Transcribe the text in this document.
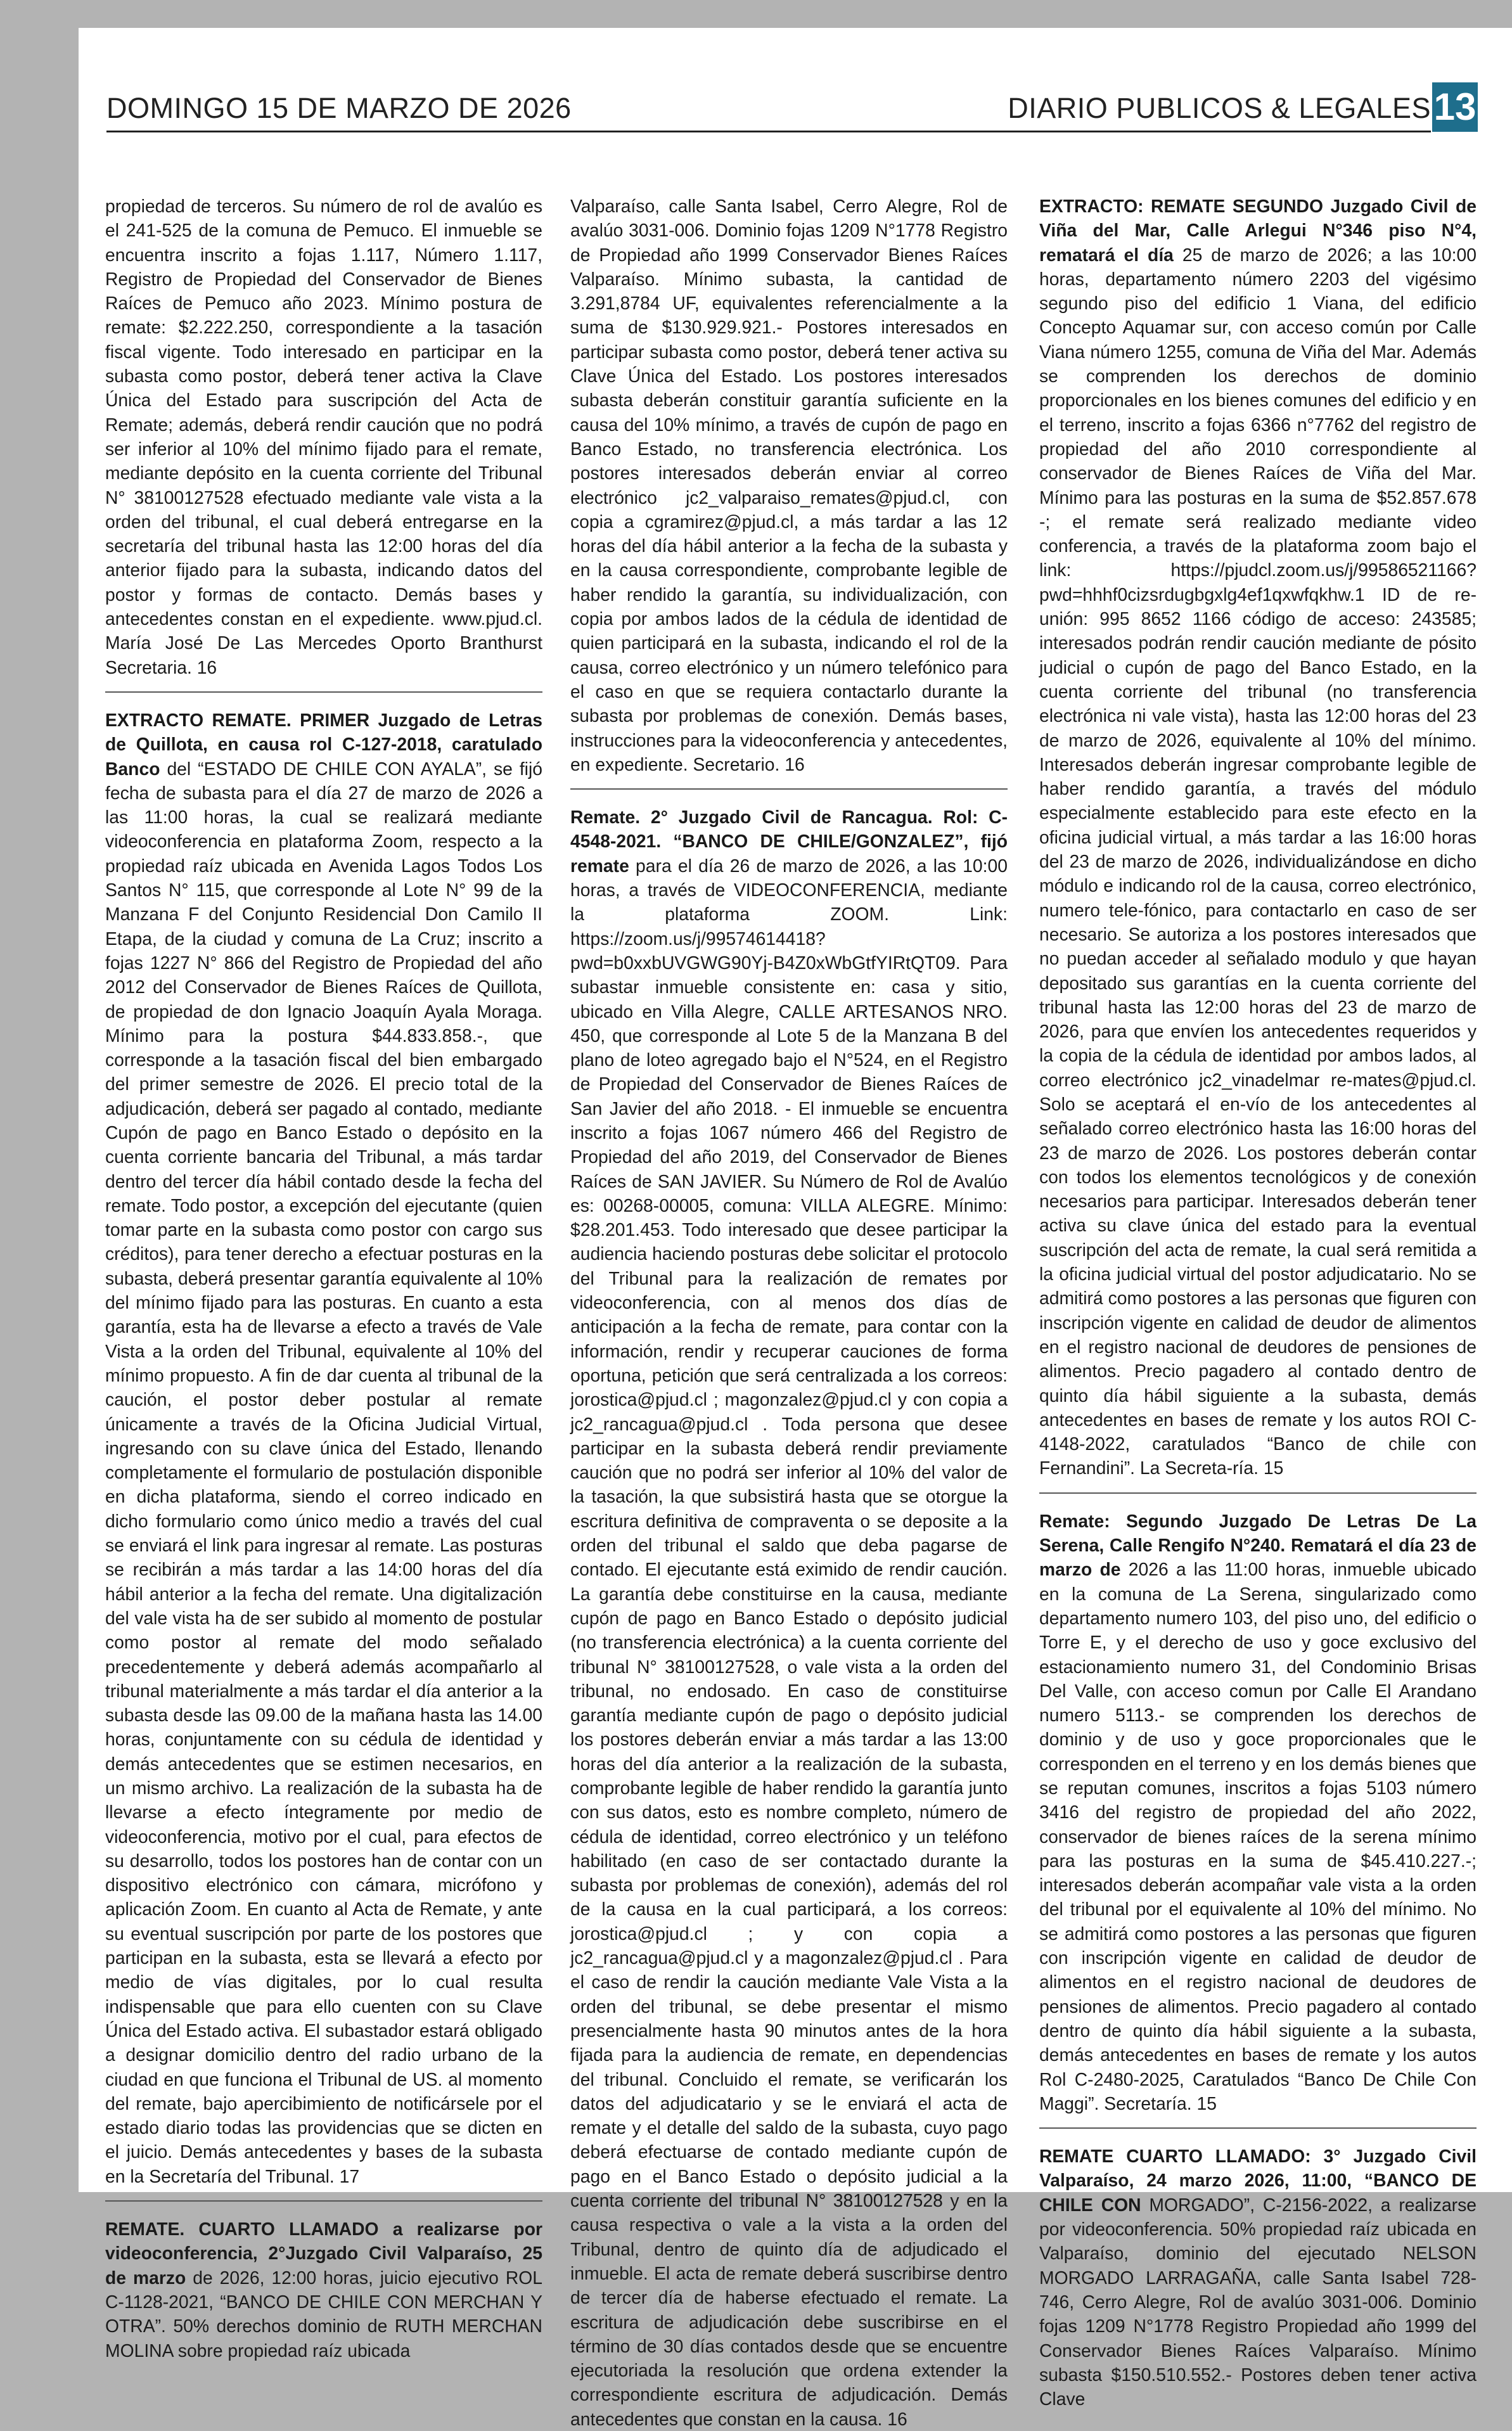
DOMINGO 15 DE MARZO DE 2026	DIARIO PUBLICOS & LEGALES 13

propiedad de terceros. Su número de rol de avalúo es el 241-525 de la comuna de Pemuco. El inmueble se encuentra inscrito a fojas 1.117, Número 1.117, Registro de Propiedad del Conservador de Bienes Raíces de Pemuco año 2023. Mínimo postura de remate: $2.222.250, correspondiente a la tasación fiscal vigente. Todo interesado en participar en la subasta como postor, deberá tener activa la Clave Única del Estado para suscripción del Acta de Remate; además, deberá rendir caución que no podrá ser inferior al 10% del mínimo fijado para el remate, mediante depósito en la cuenta corriente del Tribunal N° 38100127528 efectuado mediante vale vista a la orden del tribunal, el cual deberá entregarse en la secretaría del tribunal hasta las 12:00 horas del día anterior fijado para la subasta, indicando datos del postor y formas de contacto. Demás bases y antecedentes constan en el expediente. www.pjud.cl. María José De Las Mercedes Oporto Branthurst Secretaria. 16

EXTRACTO REMATE. PRIMER Juzgado de Letras de Quillota, en causa rol C-127-2018, caratulado Banco del “ESTADO DE CHILE CON AYALA”, se fijó fecha de subasta para el día 27 de marzo de 2026 a las 11:00 horas, la cual se realizará mediante videoconferencia en plataforma Zoom, respecto a la propiedad raíz ubicada en Avenida Lagos Todos Los Santos N° 115, que corresponde al Lote N° 99 de la Manzana F del Conjunto Residencial Don Camilo II Etapa, de la ciudad y comuna de La Cruz; inscrito a fojas 1227 N° 866 del Registro de Propiedad del año 2012 del Conservador de Bienes Raíces de Quillota, de propiedad de don Ignacio Joaquín Ayala Moraga. Mínimo para la postura $44.833.858.-, que corresponde a la tasación fiscal del bien embargado del primer semestre de 2026. El precio total de la adjudicación, deberá ser pagado al contado, mediante Cupón de pago en Banco Estado o depósito en la cuenta corriente bancaria del Tribunal, a más tardar dentro del tercer día hábil contado desde la fecha del remate. Todo postor, a excepción del ejecutante (quien tomar parte en la subasta como postor con cargo sus créditos), para tener derecho a efectuar posturas en la subasta, deberá presentar garantía equivalente al 10% del mínimo fijado para las posturas. En cuanto a esta garantía, esta ha de llevarse a efecto a través de Vale Vista a la orden del Tribunal, equivalente al 10% del mínimo propuesto. A fin de dar cuenta al tribunal de la caución, el postor deber postular al remate únicamente a través de la Oficina Judicial Virtual, ingresando con su clave única del Estado, llenando completamente el formulario de postulación disponible en dicha plataforma, siendo el correo indicado en dicho formulario como único medio a través del cual se enviará el link para ingresar al remate. Las posturas se recibirán a más tardar a las 14:00 horas del día hábil anterior a la fecha del remate. Una digitalización del vale vista ha de ser subido al momento de postular como postor al remate del modo señalado precedentemente y deberá además acompañarlo al tribunal materialmente a más tardar el día anterior a la subasta desde las 09.00 de la mañana hasta las 14.00 horas, conjuntamente con su cédula de identidad y demás antecedentes que se estimen necesarios, en un mismo archivo. La realización de la subasta ha de llevarse a efecto íntegramente por medio de videoconferencia, motivo por el cual, para efectos de su desarrollo, todos los postores han de contar con un dispositivo electrónico con cámara, micrófono y aplicación Zoom. En cuanto al Acta de Remate, y ante su eventual suscripción por parte de los postores que participan en la subasta, esta se llevará a efecto por medio de vías digitales, por lo cual resulta indispensable que para ello cuenten con su Clave Única del Estado activa. El subastador estará obligado a designar domicilio dentro del radio urbano de la ciudad en que funciona el Tribunal de US. al momento del remate, bajo apercibimiento de notificársele por el estado diario todas las providencias que se dicten en el juicio. Demás antecedentes y bases de la subasta en la Secretaría del Tribunal. 17

REMATE. CUARTO LLAMADO a realizarse por videoconferencia, 2°Juzgado Civil Valparaíso, 25 de marzo de 2026, 12:00 horas, juicio ejecutivo ROL C-1128-2021, “BANCO DE CHILE CON MERCHAN Y OTRA”. 50% derechos dominio de RUTH MERCHAN MOLINA sobre propiedad raíz ubicada

Valparaíso, calle Santa Isabel, Cerro Alegre, Rol de avalúo 3031-006. Dominio fojas 1209 N°1778 Registro de Propiedad año 1999 Conservador Bienes Raíces Valparaíso. Mínimo subasta, la cantidad de 3.291,8784 UF, equivalentes referencialmente a la suma de $130.929.921.- Postores interesados en participar subasta como postor, deberá tener activa su Clave Única del Estado. Los postores interesados subasta deberán constituir garantía suficiente en la causa del 10% mínimo, a través de cupón de pago en Banco Estado, no transferencia electrónica. Los postores interesados deberán enviar al correo electrónico jc2_valparaiso_remates@pjud.cl, con copia a cgramirez@pjud.cl, a más tardar a las 12 horas del día hábil anterior a la fecha de la subasta y en la causa correspondiente, comprobante legible de haber rendido la garantía, su individualización, con copia por ambos lados de la cédula de identidad de quien participará en la subasta, indicando el rol de la causa, correo electrónico y un número telefónico para el caso en que se requiera contactarlo durante la subasta por problemas de conexión. Demás bases, instrucciones para la videoconferencia y antecedentes, en expediente. Secretario. 16

Remate. 2° Juzgado Civil de Rancagua. Rol: C-4548-2021. “BANCO DE CHILE/GONZALEZ”, fijó remate para el día 26 de marzo de 2026, a las 10:00 horas, a través de VIDEOCONFERENCIA, mediante la plataforma ZOOM. Link: https://zoom.us/j/99574614418? pwd=b0xxbUVGWG90Yj-B4Z0xWbGtfYIRtQT09. Para subastar inmueble consistente en: casa y sitio, ubicado en Villa Alegre, CALLE ARTESANOS NRO. 450, que corresponde al Lote 5 de la Manzana B del plano de loteo agregado bajo el N°524, en el Registro de Propiedad del Conservador de Bienes Raíces de San Javier del año 2018. - El inmueble se encuentra inscrito a fojas 1067 número 466 del Registro de Propiedad del año 2019, del Conservador de Bienes Raíces de SAN JAVIER. Su Número de Rol de Avalúo es: 00268-00005, comuna: VILLA ALEGRE. Mínimo: $28.201.453. Todo interesado que desee participar la audiencia haciendo posturas debe solicitar el protocolo del Tribunal para la realización de remates por videoconferencia, con al menos dos días de anticipación a la fecha de remate, para contar con la información, rendir y recuperar cauciones de forma oportuna, petición que será centralizada a los correos: jorostica@pjud.cl ; magonzalez@pjud.cl y con copia a jc2_rancagua@pjud.cl . Toda persona que desee participar en la subasta deberá rendir previamente caución que no podrá ser inferior al 10% del valor de la tasación, la que subsistirá hasta que se otorgue la escritura definitiva de compraventa o se deposite a la orden del tribunal el saldo que deba pagarse de contado. El ejecutante está eximido de rendir caución. La garantía debe constituirse en la causa, mediante cupón de pago en Banco Estado o depósito judicial (no transferencia electrónica) a la cuenta corriente del tribunal N° 38100127528, o vale vista a la orden del tribunal, no endosado. En caso de constituirse garantía mediante cupón de pago o depósito judicial los postores deberán enviar a más tardar a las 13:00 horas del día anterior a la realización de la subasta, comprobante legible de haber rendido la garantía junto con sus datos, esto es nombre completo, número de cédula de identidad, correo electrónico y un teléfono habilitado (en caso de ser contactado durante la subasta por problemas de conexión), además del rol de la causa en la cual participará, a los correos: jorostica@pjud.cl ; y con copia a jc2_rancagua@pjud.cl y a magonzalez@pjud.cl . Para el caso de rendir la caución mediante Vale Vista a la orden del tribunal, se debe presentar el mismo presencialmente hasta 90 minutos antes de la hora fijada para la audiencia de remate, en dependencias del tribunal. Concluido el remate, se verificarán los datos del adjudicatario y se le enviará el acta de remate y el detalle del saldo de la subasta, cuyo pago deberá efectuarse de contado mediante cupón de pago en el Banco Estado o depósito judicial a la cuenta corriente del tribunal N° 38100127528 y en la causa respectiva o vale a la vista a la orden del Tribunal, dentro de quinto día de adjudicado el inmueble. El acta de remate deberá suscribirse dentro de tercer día de haberse efectuado el remate. La escritura de adjudicación debe suscribirse en el término de 30 días contados desde que se encuentre ejecutoriada la resolución que ordena extender la correspondiente escritura de adjudicación. Demás antecedentes que constan en la causa. 16

EXTRACTO: REMATE SEGUNDO Juzgado Civil de Viña del Mar, Calle Arlegui N°346 piso N°4, rematará el día 25 de marzo de 2026; a las 10:00 horas, departamento número 2203 del vigésimo segundo piso del edificio 1 Viana, del edificio Concepto Aquamar sur, con acceso común por Calle Viana número 1255, comuna de Viña del Mar. Además se comprenden los derechos de dominio proporcionales en los bienes comunes del edificio y en el terreno, inscrito a fojas 6366 n°7762 del registro de propiedad del año 2010 correspondiente al conservador de Bienes Raíces de Viña del Mar. Mínimo para las posturas en la suma de $52.857.678 -; el remate será realizado mediante video conferencia, a través de la plataforma zoom bajo el link: https://pjudcl.zoom.us/j/99586521166?pwd=hhhf0cizsrdugbgxlg4ef1qxwfqkhw.1 ID de re-unión: 995 8652 1166 código de acceso: 243585; interesados podrán rendir caución mediante de pósito judicial o cupón de pago del Banco Estado, en la cuenta corriente del tribunal (no transferencia electrónica ni vale vista), hasta las 12:00 horas del 23 de marzo de 2026, equivalente al 10% del mínimo. Interesados deberán ingresar comprobante legible de haber rendido garantía, a través del módulo especialmente establecido para este efecto en la oficina judicial virtual, a más tardar a las 16:00 horas del 23 de marzo de 2026, individualizándose en dicho módulo e indicando rol de la causa, correo electrónico, numero tele-fónico, para contactarlo en caso de ser necesario. Se autoriza a los postores interesados que no puedan acceder al señalado modulo y que hayan depositado sus garantías en la cuenta corriente del tribunal hasta las 12:00 horas del 23 de marzo de 2026, para que envíen los antecedentes requeridos y la copia de la cédula de identidad por ambos lados, al correo electrónico jc2_vinadelmar re-mates@pjud.cl. Solo se aceptará el en-vío de los antecedentes al señalado correo electrónico hasta las 16:00 horas del 23 de marzo de 2026. Los postores deberán contar con todos los elementos tecnológicos y de conexión necesarios para participar. Interesados deberán tener activa su clave única del estado para la eventual suscripción del acta de remate, la cual será remitida a la oficina judicial virtual del postor adjudicatario. No se admitirá como postores a las personas que figuren con inscripción vigente en calidad de deudor de alimentos en el registro nacional de deudores de pensiones de alimentos. Precio pagadero al contado dentro de quinto día hábil siguiente a la subasta, demás antecedentes en bases de remate y los autos ROI C-4148-2022, caratulados “Banco de chile con Fernandini”. La Secreta-ría. 15

Remate: Segundo Juzgado De Letras De La Serena, Calle Rengifo N°240. Rematará el día 23 de marzo de 2026 a las 11:00 horas, inmueble ubicado en la comuna de La Serena, singularizado como departamento numero 103, del piso uno, del edificio o Torre E, y el derecho de uso y goce exclusivo del estacionamiento numero 31, del Condominio Brisas Del Valle, con acceso comun por Calle El Arandano numero 5113.- se comprenden los derechos de dominio y de uso y goce proporcionales que le corresponden en el terreno y en los demás bienes que se reputan comunes, inscritos a fojas 5103 número 3416 del registro de propiedad del año 2022, conservador de bienes raíces de la serena mínimo para las posturas en la suma de $45.410.227.-; interesados deberán acompañar vale vista a la orden del tribunal por el equivalente al 10% del mínimo. No se admitirá como postores a las personas que figuren con inscripción vigente en calidad de deudor de alimentos en el registro nacional de deudores de pensiones de alimentos. Precio pagadero al contado dentro de quinto día hábil siguiente a la subasta, demás antecedentes en bases de remate y los autos Rol C-2480-2025, Caratulados “Banco De Chile Con Maggi”. Secretaría. 15

REMATE CUARTO LLAMADO: 3° Juzgado Civil Valparaíso, 24 marzo 2026, 11:00, “BANCO DE CHILE CON MORGADO”, C-2156-2022, a realizarse por videoconferencia. 50% propiedad raíz ubicada en Valparaíso, dominio del ejecutado NELSON MORGADO LARRAGAÑA, calle Santa Isabel 728-746, Cerro Alegre, Rol de avalúo 3031-006. Dominio fojas 1209 N°1778 Registro Propiedad año 1999 del Conservador Bienes Raíces Valparaíso. Mínimo subasta $150.510.552.- Postores deben tener activa Clave
